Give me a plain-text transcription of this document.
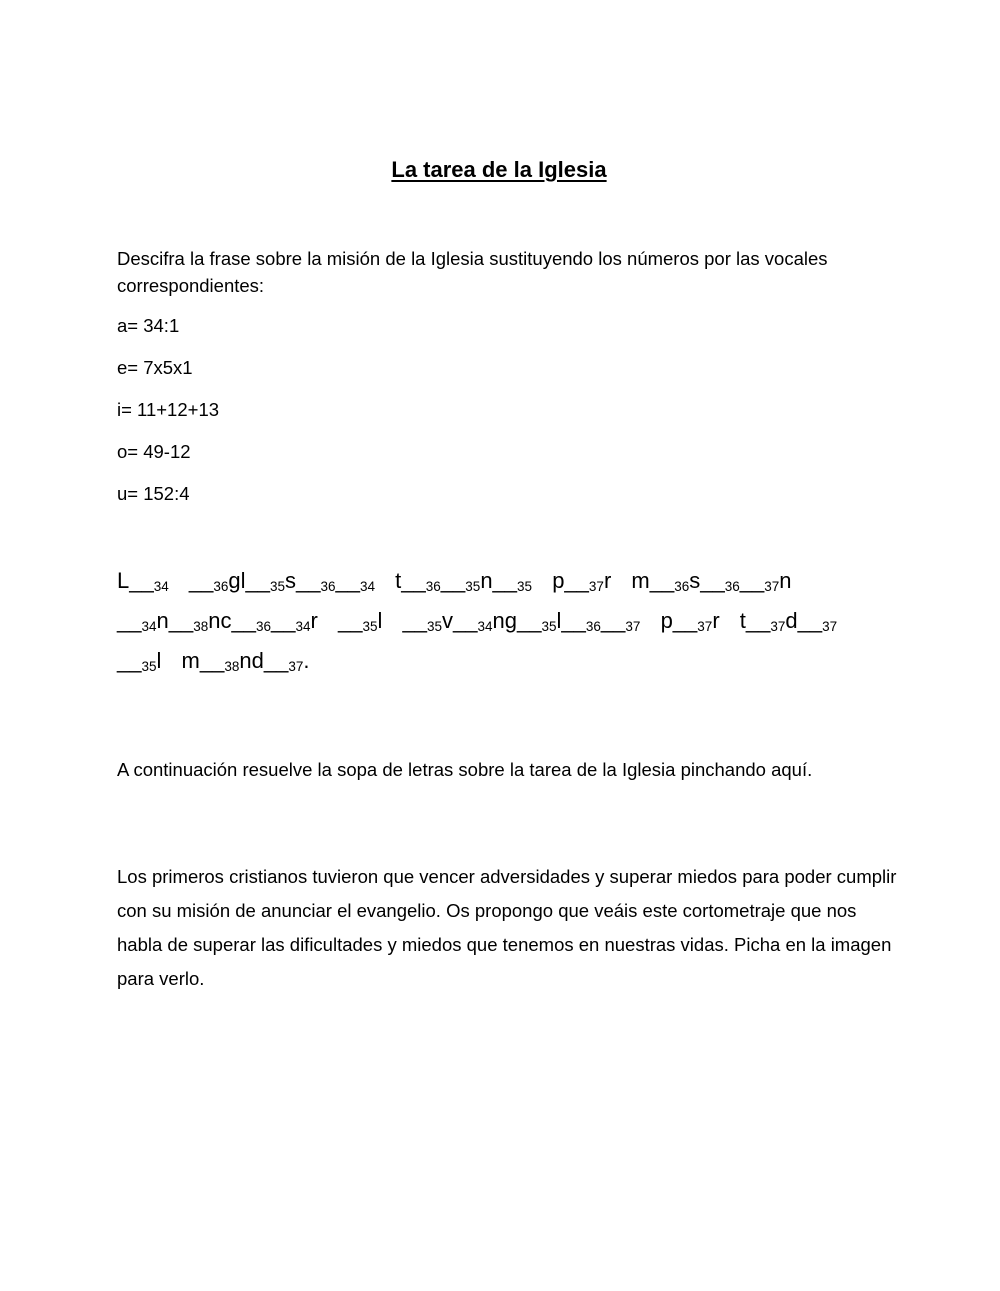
La tarea de la Iglesia

Descifra la frase sobre la misión de la Iglesia sustituyendo los números por las vocales correspondientes:

a= 34:1

e= 7x5x1

i= 11+12+13

o= 49-12

u= 152:4

L__34 __36gl__35s__36__34 t__36__35n__35 p__37r m__36s__36__37n
__34n__38nc__36__34r __35l __35v__34ng__35l__36__37 p__37r t__37d__37
__35l m__38nd__37.

A continuación resuelve la sopa de letras sobre la tarea de la Iglesia pinchando aquí.

Los primeros cristianos tuvieron que vencer adversidades y superar miedos para poder cumplir con su misión de anunciar el evangelio. Os propongo que veáis este cortometraje que nos habla de superar las dificultades y miedos que tenemos en nuestras vidas. Picha en la imagen para verlo.
